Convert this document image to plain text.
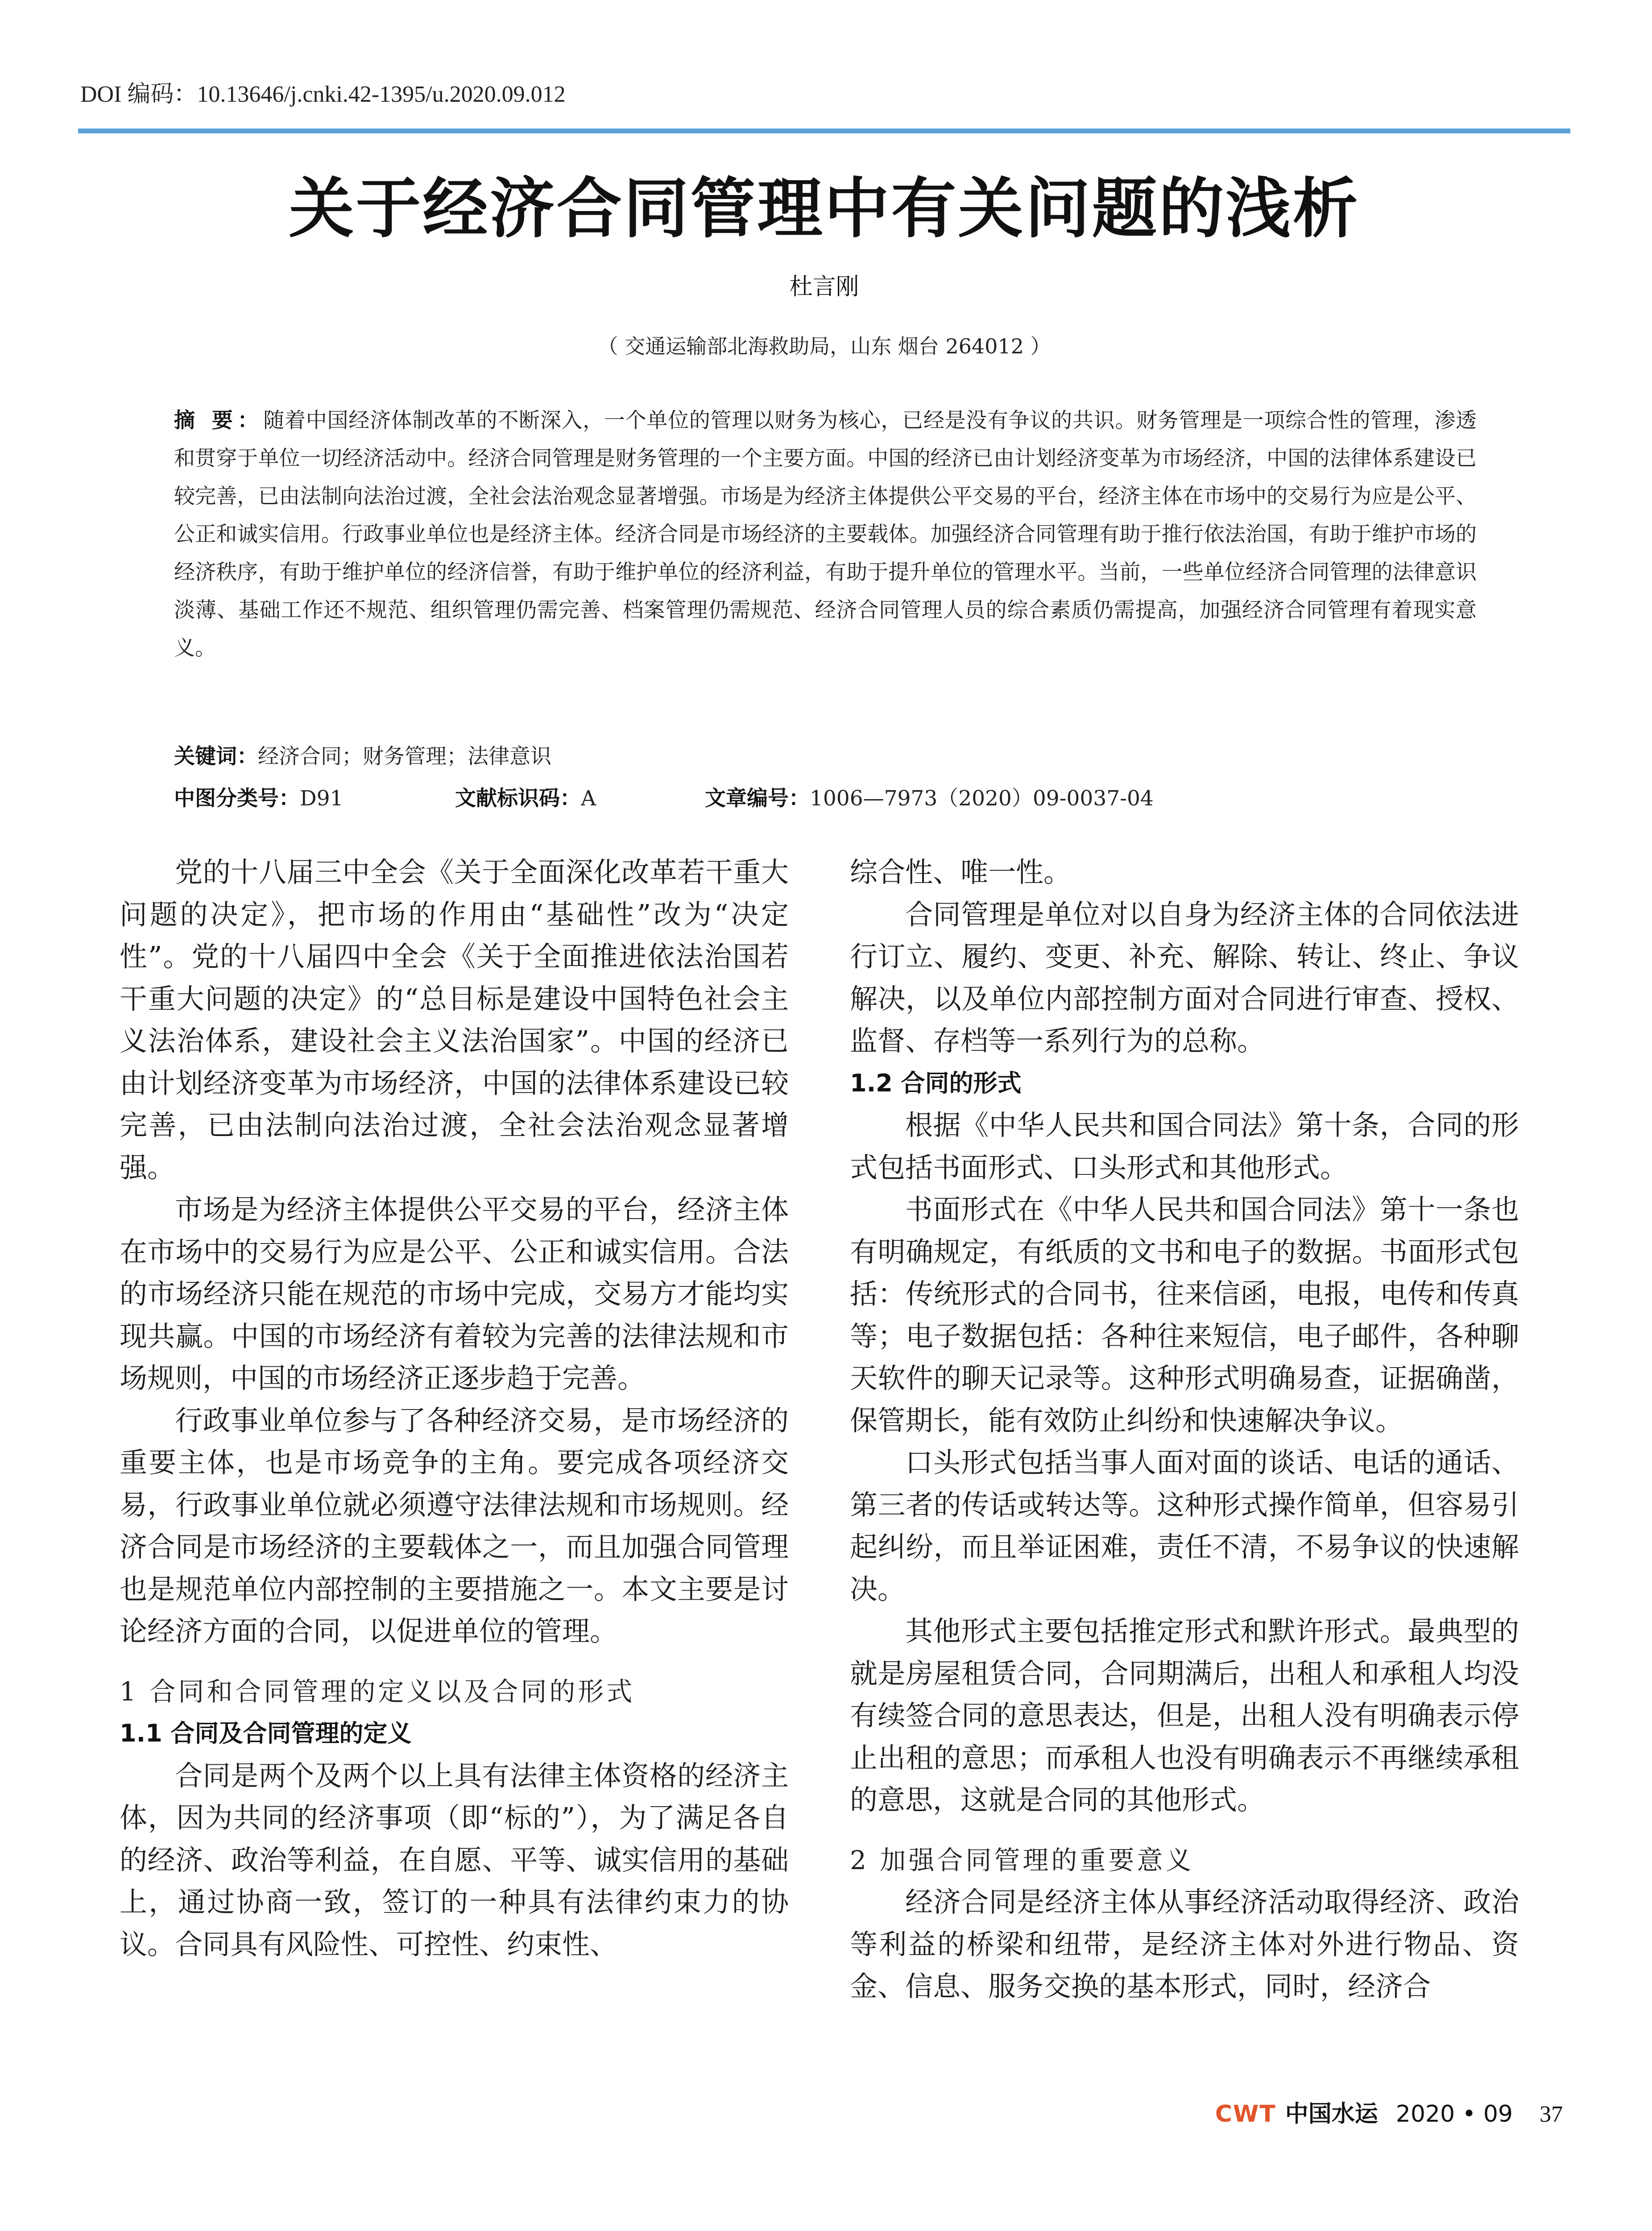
DOI 编码：10.13646/j.cnki.42-1395/u.2020.09.012
关于经济合同管理中有关问题的浅析
杜言刚
（ 交通运输部北海救助局，山东 烟台 264012 ）
摘 要：随着中国经济体制改革的不断深入，一个单位的管理以财务为核心，已经是没有争议的共识。财务管理是一项综合性的管理，渗透和贯穿于单位一切经济活动中。经济合同管理是财务管理的一个主要方面。中国的经济已由计划经济变革为市场经济，中国的法律体系建设已较完善，已由法制向法治过渡，全社会法治观念显著增强。市场是为经济主体提供公平交易的平台，经济主体在市场中的交易行为应是公平、公正和诚实信用。行政事业单位也是经济主体。经济合同是市场经济的主要载体。加强经济合同管理有助于推行依法治国，有助于维护市场的经济秩序，有助于维护单位的经济信誉，有助于维护单位的经济利益，有助于提升单位的管理水平。当前，一些单位经济合同管理的法律意识淡薄、基础工作还不规范、组织管理仍需完善、档案管理仍需规范、经济合同管理人员的综合素质仍需提高，加强经济合同管理有着现实意义。
关键词：经济合同；财务管理；法律意识
中图分类号：D91	文献标识码：A	文章编号：1006—7973（2020）09-0037-04

党的十八届三中全会《关于全面深化改革若干重大问题的决定》，把市场的作用由“基础性”改为“决定性”。党的十八届四中全会《关于全面推进依法治国若干重大问题的决定》的“总目标是建设中国特色社会主义法治体系，建设社会主义法治国家”。中国的经济已由计划经济变革为市场经济，中国的法律体系建设已较完善，已由法制向法治过渡，全社会法治观念显著增强。

市场是为经济主体提供公平交易的平台，经济主体在市场中的交易行为应是公平、公正和诚实信用。合法的市场经济只能在规范的市场中完成，交易方才能均实现共赢。中国的市场经济有着较为完善的法律法规和市场规则，中国的市场经济正逐步趋于完善。

行政事业单位参与了各种经济交易，是市场经济的重要主体，也是市场竞争的主角。要完成各项经济交易，行政事业单位就必须遵守法律法规和市场规则。经济合同是市场经济的主要载体之一，而且加强合同管理也是规范单位内部控制的主要措施之一。本文主要是讨论经济方面的合同，以促进单位的管理。

1 合同和合同管理的定义以及合同的形式
1.1 合同及合同管理的定义

合同是两个及两个以上具有法律主体资格的经济主体，因为共同的经济事项（即“标的”），为了满足各自的经济、政治等利益，在自愿、平等、诚实信用的基础上，通过协商一致，签订的一种具有法律约束力的协议。合同具有风险性、可控性、约束性、

综合性、唯一性。

合同管理是单位对以自身为经济主体的合同依法进行订立、履约、变更、补充、解除、转让、终止、争议解决，以及单位内部控制方面对合同进行审查、授权、监督、存档等一系列行为的总称。

1.2 合同的形式

根据《中华人民共和国合同法》第十条，合同的形式包括书面形式、口头形式和其他形式。

书面形式在《中华人民共和国合同法》第十一条也有明确规定，有纸质的文书和电子的数据。书面形式包括：传统形式的合同书，往来信函，电报，电传和传真等；电子数据包括：各种往来短信，电子邮件，各种聊天软件的聊天记录等。这种形式明确易查，证据确凿，保管期长，能有效防止纠纷和快速解决争议。

口头形式包括当事人面对面的谈话、电话的通话、第三者的传话或转达等。这种形式操作简单，但容易引起纠纷，而且举证困难，责任不清，不易争议的快速解决。

其他形式主要包括推定形式和默许形式。最典型的就是房屋租赁合同，合同期满后，出租人和承租人均没有续签合同的意思表达，但是，出租人没有明确表示停止出租的意思；而承租人也没有明确表示不再继续承租的意思，这就是合同的其他形式。

2 加强合同管理的重要意义

经济合同是经济主体从事经济活动取得经济、政治等利益的桥梁和纽带，是经济主体对外进行物品、资金、信息、服务交换的基本形式，同时，经济合

CWT 中国水运 2020 • 09 37
